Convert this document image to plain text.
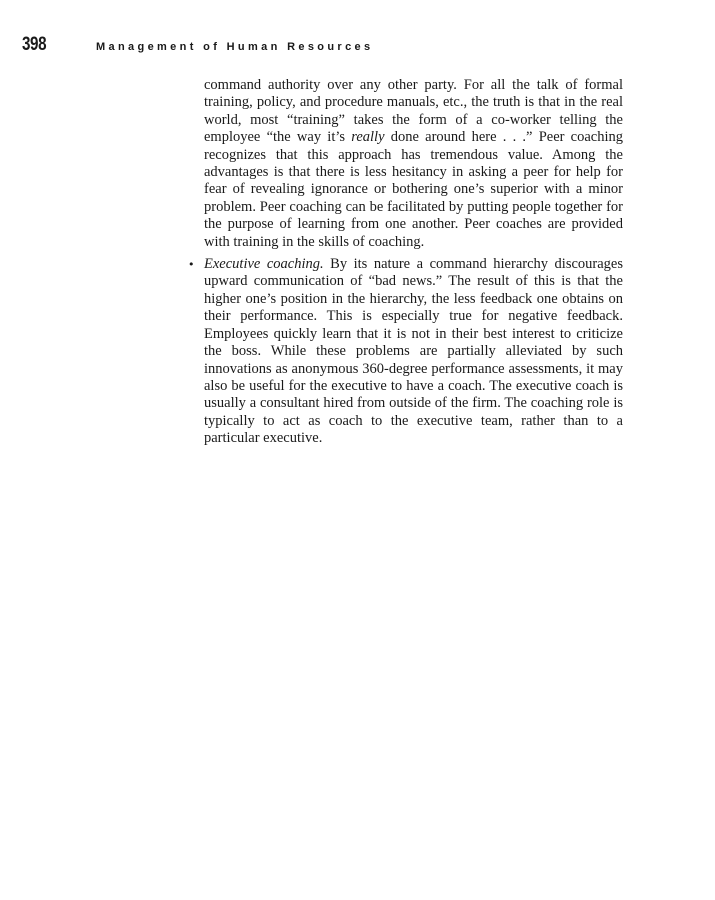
398	Management of Human Resources

command authority over any other party. For all the talk of formal training, policy, and procedure manuals, etc., the truth is that in the real world, most “training” takes the form of a co-worker telling the employee “the way it’s really done around here . . .” Peer coaching recognizes that this approach has tremendous value. Among the advantages is that there is less hesitancy in asking a peer for help for fear of revealing ignorance or bothering one’s superior with a minor problem. Peer coaching can be facilitated by putting people together for the purpose of learning from one another. Peer coaches are provided with training in the skills of coaching.

• Executive coaching. By its nature a command hierarchy discourages upward communication of “bad news.” The result of this is that the higher one’s position in the hierarchy, the less feedback one obtains on their performance. This is especially true for negative feedback. Employees quickly learn that it is not in their best interest to criticize the boss. While these problems are partially alleviated by such innovations as anonymous 360-degree performance assessments, it may also be useful for the executive to have a coach. The executive coach is usually a consultant hired from outside of the firm. The coaching role is typically to act as coach to the executive team, rather than to a particular executive.
